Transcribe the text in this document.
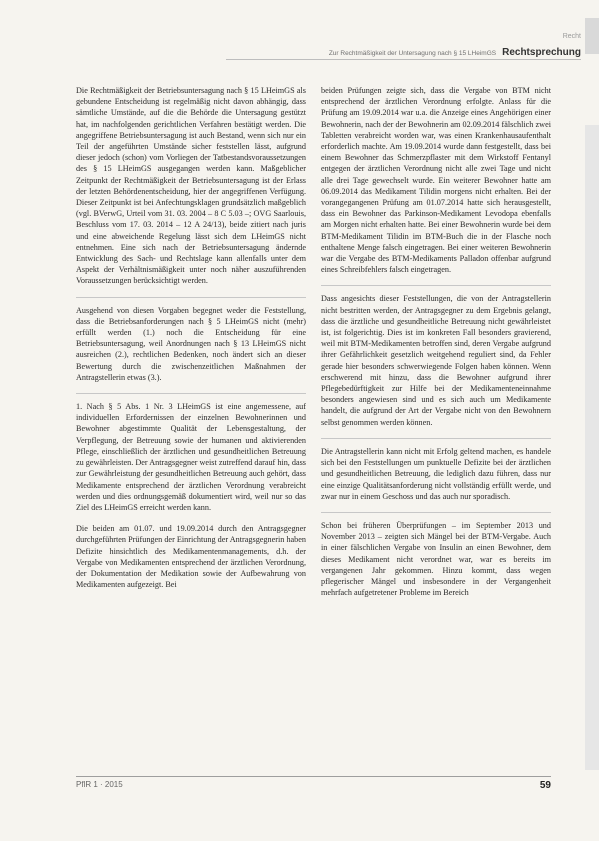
Recht
Zur Rechtmäßigkeit der Untersagung nach § 15 LHeimGS Rechtsprechung

Die Rechtmäßigkeit der Betriebsuntersagung nach § 15 LHeimGS als gebundene Entscheidung ist regelmäßig nicht davon abhängig, dass sämtliche Umstände, auf die die Behörde die Untersagung gestützt hat, im nachfolgenden gerichtlichen Verfahren bestätigt werden. Die angegriffene Betriebsuntersagung ist auch Bestand, wenn sich nur ein Teil der angeführten Umstände sicher feststellen lässt, aufgrund dieser jedoch (schon) vom Vorliegen der Tatbestandsvoraussetzungen des § 15 LHeimGS ausgegangen werden kann. Maßgeblicher Zeitpunkt der Rechtmäßigkeit der Betriebsuntersagung ist der Erlass der letzten Behördenentscheidung, hier der angegriffenen Verfügung. Dieser Zeitpunkt ist bei Anfechtungsklagen grundsätzlich maßgeblich (vgl. BVerwG, Urteil vom 31. 03. 2004 – 8 C 5.03 –; OVG Saarlouis, Beschluss vom 17. 03. 2014 – 12 A 24/13), beide zitiert nach juris und eine abweichende Regelung lässt sich dem LHeimGS nicht entnehmen. Eine sich nach der Betriebsuntersagung ändernde Entwicklung des Sach- und Rechtslage kann allenfalls unter dem Aspekt der Verhältnismäßigkeit unter noch näher auszuführenden Voraussetzungen berücksichtigt werden.

Ausgehend von diesen Vorgaben begegnet weder die Feststellung, dass die Betriebsanforderungen nach § 5 LHeimGS nicht (mehr) erfüllt werden (1.) noch die Entscheidung für eine Betriebsuntersagung, weil Anordnungen nach § 13 LHeimGS nicht ausreichen (2.), rechtlichen Bedenken, noch ändert sich an dieser Bewertung durch die zwischenzeitlichen Maßnahmen der Antragstellerin etwas (3.).

1. Nach § 5 Abs. 1 Nr. 3 LHeimGS ist eine angemessene, auf individuellen Erfordernissen der einzelnen Bewohnerinnen und Bewohner abgestimmte Qualität der Lebensgestaltung, der Verpflegung, der Betreuung sowie der humanen und aktivierenden Pflege, einschließlich der ärztlichen und gesundheitlichen Betreuung zu gewährleisten. Der Antragsgegner weist zutreffend darauf hin, dass zur Gewährleistung der gesundheitlichen Betreuung auch gehört, dass Medikamente entsprechend der ärztlichen Verordnung verabreicht werden und dies ordnungsgemäß dokumentiert wird, weil nur so das Ziel des LHeimGS erreicht werden kann.

Die beiden am 01.07. und 19.09.2014 durch den Antragsgegner durchgeführten Prüfungen der Einrichtung der Antragsgegnerin haben Defizite hinsichtlich des Medikamentenmanagements, d.h. der Vergabe von Medikamenten entsprechend der ärztlichen Verordnung, der Dokumentation der Medikation sowie der Aufbewahrung von Medikamenten aufgezeigt. Bei

beiden Prüfungen zeigte sich, dass die Vergabe von BTM nicht entsprechend der ärztlichen Verordnung erfolgte. Anlass für die Prüfung am 19.09.2014 war u.a. die Anzeige eines Angehörigen einer Bewohnerin, nach der der Bewohnerin am 02.09.2014 fälschlich zwei Tabletten verabreicht worden war, was einen Krankenhausaufenthalt erforderlich machte. Am 19.09.2014 wurde dann festgestellt, dass bei einem Bewohner das Schmerzpflaster mit dem Wirkstoff Fentanyl entgegen der ärztlichen Verordnung nicht alle zwei Tage und nicht alle drei Tage gewechselt wurde. Ein weiterer Bewohner hatte am 06.09.2014 das Medikament Tilidin morgens nicht erhalten. Bei der vorangegangenen Prüfung am 01.07.2014 hatte sich herausgestellt, dass ein Bewohner das Parkinson-Medikament Levodopa ebenfalls am Morgen nicht erhalten hatte. Bei einer Bewohnerin wurde bei dem BTM-Medikament Tilidin im BTM-Buch die in der Flasche noch enthaltene Menge falsch eingetragen. Bei einer weiteren Bewohnerin war die Vergabe des BTM-Medikaments Palladon offenbar aufgrund eines Schreibfehlers falsch eingetragen.

Dass angesichts dieser Feststellungen, die von der Antragstellerin nicht bestritten werden, der Antragsgegner zu dem Ergebnis gelangt, dass die ärztliche und gesundheitliche Betreuung nicht gewährleistet ist, ist folgerichtig. Dies ist im konkreten Fall besonders gravierend, weil mit BTM-Medikamenten betroffen sind, deren Vergabe aufgrund ihrer Gefährlichkeit gesetzlich weitgehend reguliert sind, da Fehler gerade hier besonders schwerwiegende Folgen haben können. Wenn erschwerend mit hinzu, dass die Bewohner aufgrund ihrer Pflegebedürftigkeit zur Hilfe bei der Medikamenteneinnahme besonders angewiesen sind und es sich auch um Medikamente handelt, die aufgrund der Art der Vergabe nicht von den Bewohnern selbst genommen werden können.

Die Antragstellerin kann nicht mit Erfolg geltend machen, es handele sich bei den Feststellungen um punktuelle Defizite bei der ärztlichen und gesundheitlichen Betreuung, die lediglich dazu führen, dass nur eine einzige Qualitätsanforderung nicht vollständig erfüllt werde, und zwar nur in einem Geschoss und das auch nur sporadisch.

Schon bei früheren Überprüfungen – im September 2013 und November 2013 – zeigten sich Mängel bei der BTM-Vergabe. Auch in einer fälschlichen Vergabe von Insulin an einen Bewohner, dem dieses Medikament nicht verordnet war, war es bereits im vergangenen Jahr gekommen. Hinzu kommt, dass wegen pflegerischer Mängel und insbesondere in der Vergangenheit mehrfach aufgetretener Probleme im Bereich

PflR 1 · 2015	59
